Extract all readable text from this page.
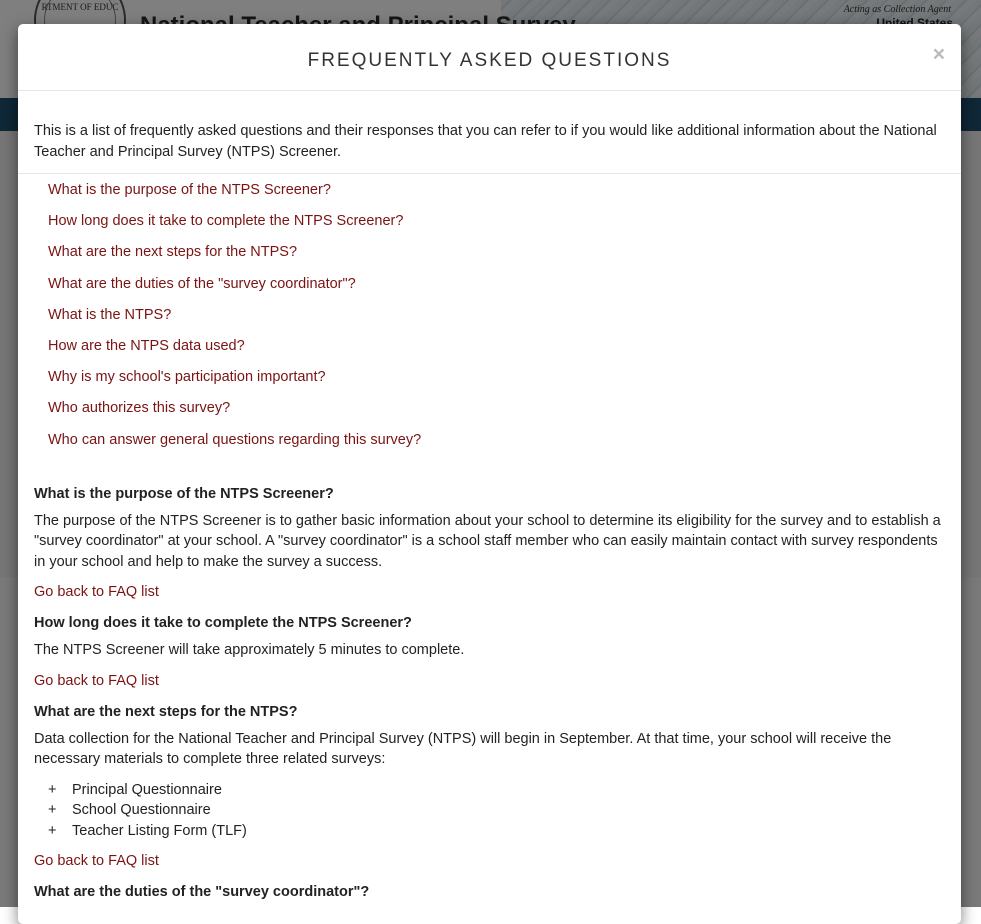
FREQUENTLY ASKED QUESTIONS	×
This is a list of frequently asked questions and their responses that you can refer to if you would like additional information about the National Teacher and Principal Survey (NTPS) Screener.
What is the purpose of the NTPS Screener?
How long does it take to complete the NTPS Screener?
What are the next steps for the NTPS?
What are the duties of the "survey coordinator"?
What is the NTPS?
How are the NTPS data used?
Why is my school's participation important?
Who authorizes this survey?
Who can answer general questions regarding this survey?

What is the purpose of the NTPS Screener?

The purpose of the NTPS Screener is to gather basic information about your school to determine its eligibility for the survey and to establish a "survey coordinator" at your school. A "survey coordinator" is a school staff member who can easily maintain contact with survey respondents in your school and help to make the survey a success.

Go back to FAQ list

How long does it take to complete the NTPS Screener?

The NTPS Screener will take approximately 5 minutes to complete.

Go back to FAQ list

What are the next steps for the NTPS?

Data collection for the National Teacher and Principal Survey (NTPS) will begin in September. At that time, your school will receive the necessary materials to complete three related surveys:

+ Principal Questionnaire
+ School Questionnaire
+ Teacher Listing Form (TLF)
Go back to FAQ list

What are the duties of the "survey coordinator"?
